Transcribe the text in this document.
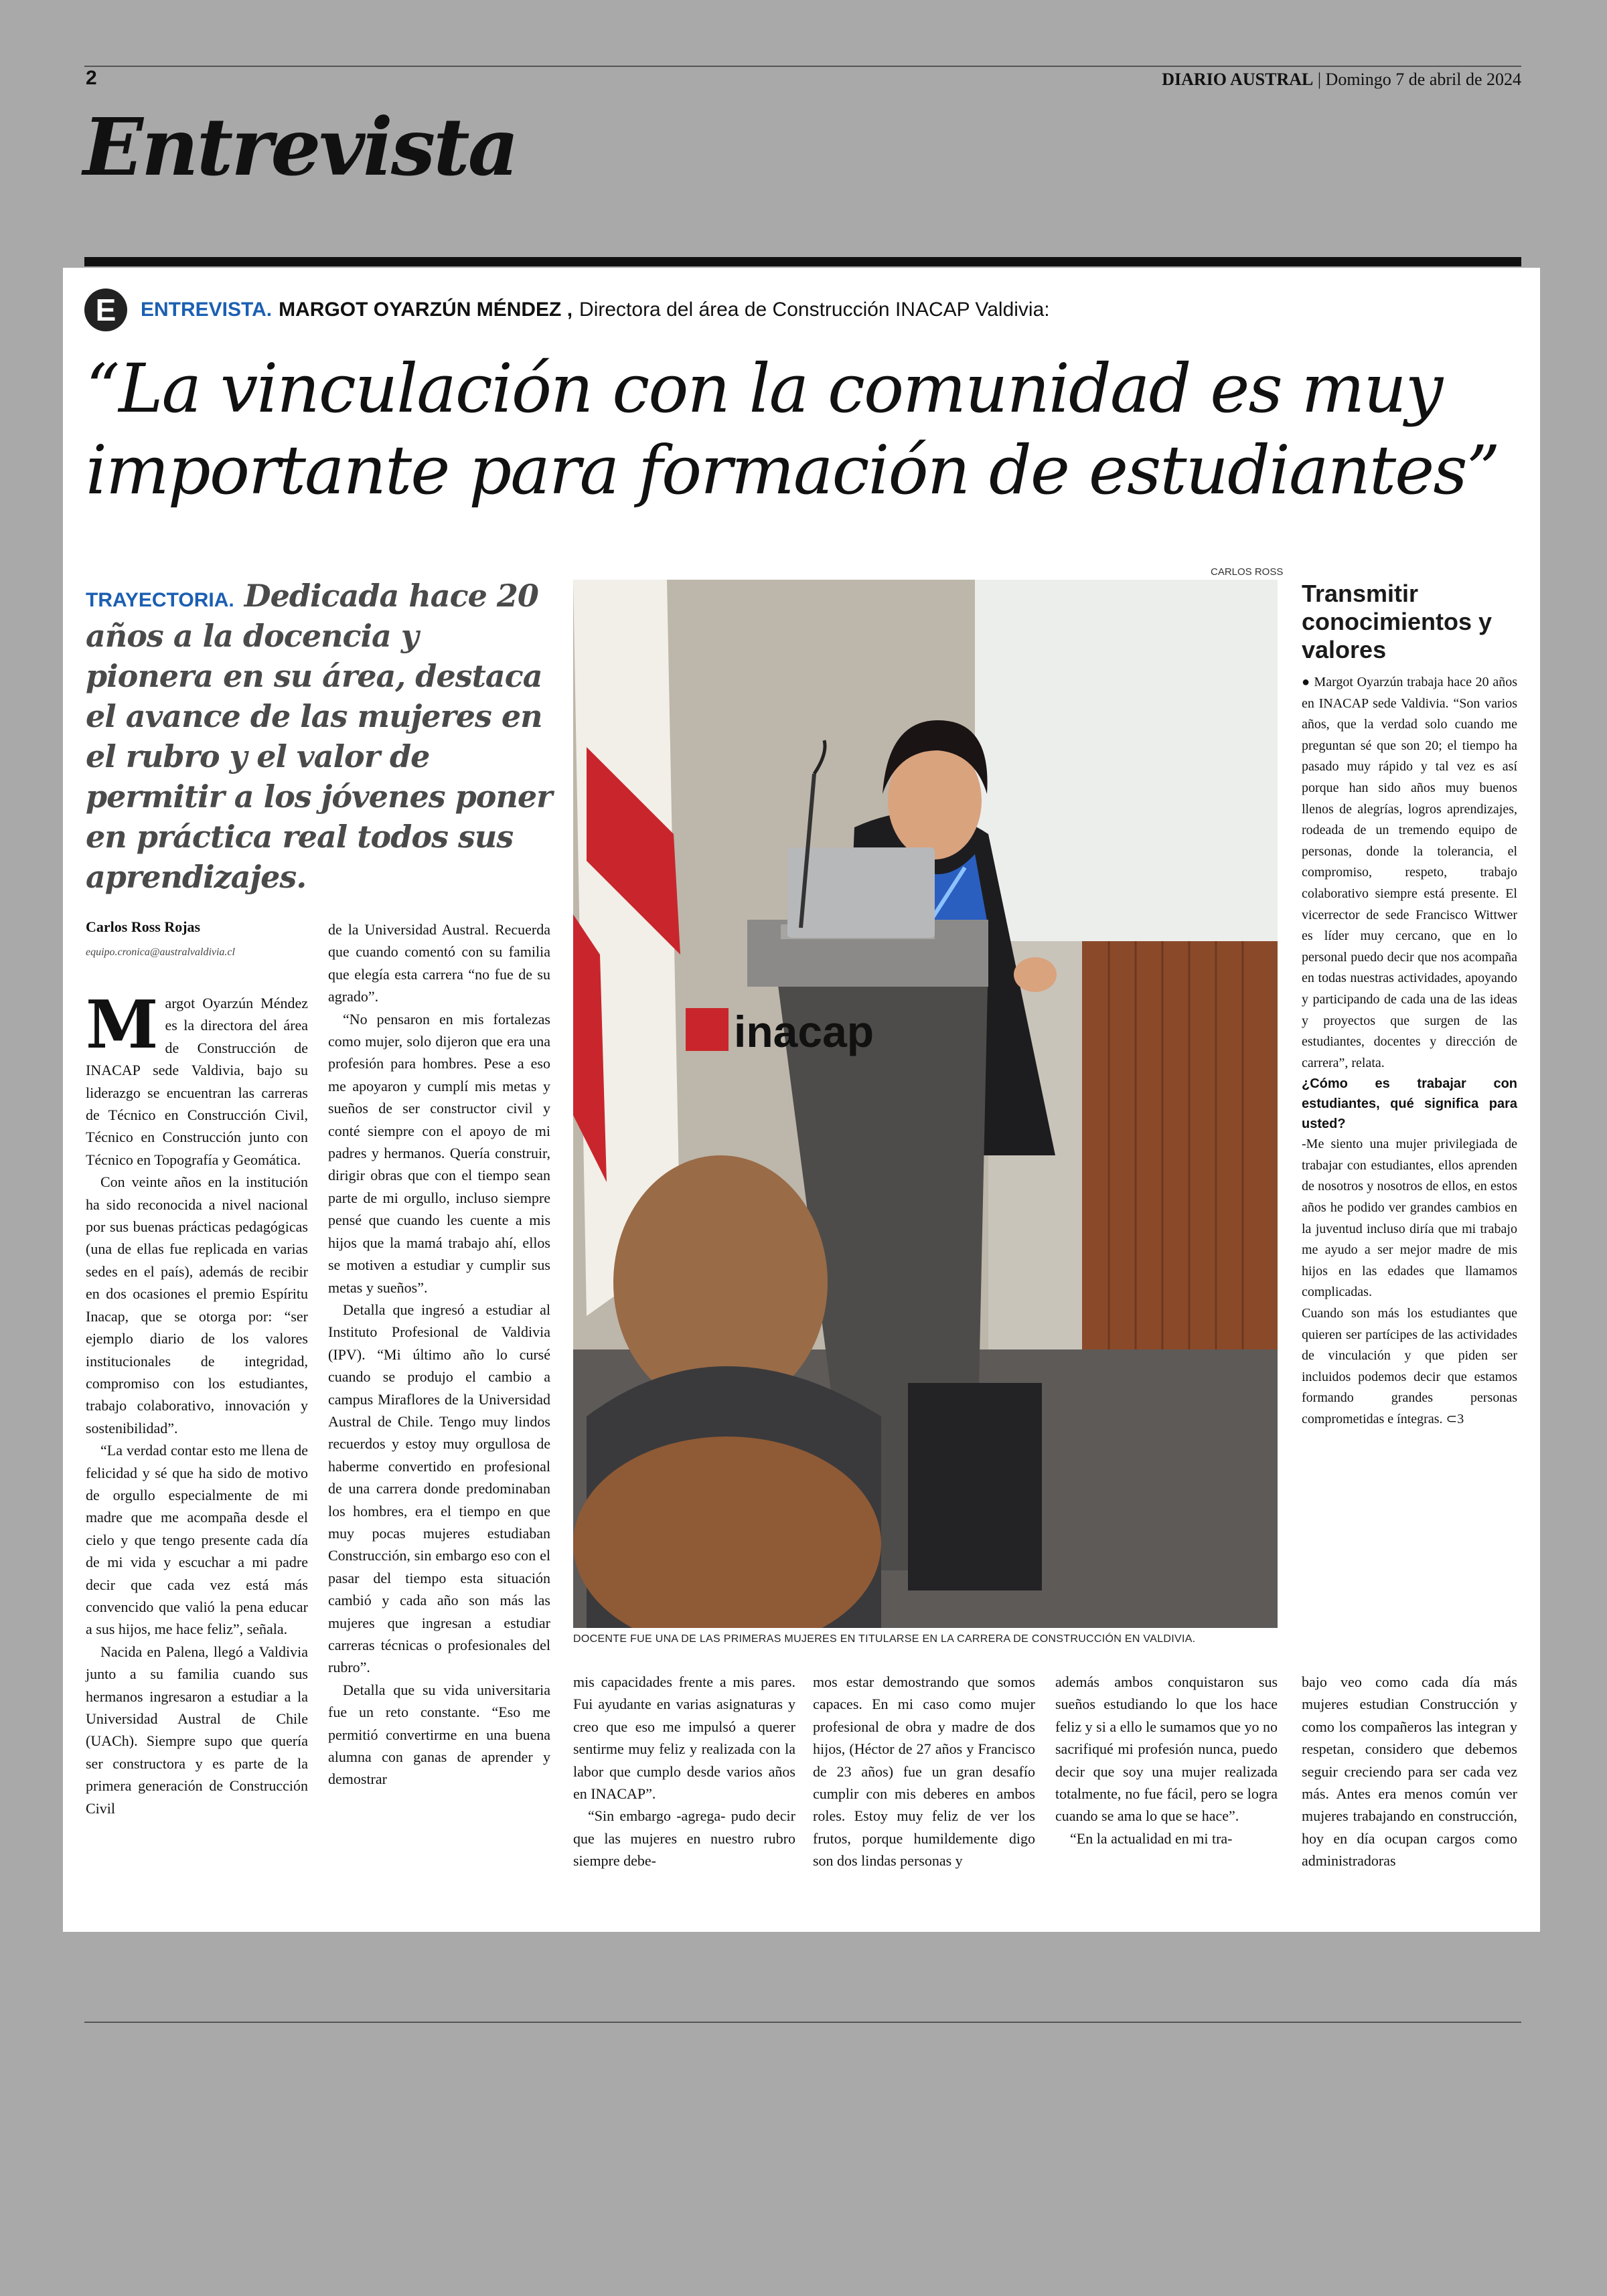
2	DIARIO AUSTRAL | Domingo 7 de abril de 2024
Entrevista
E	ENTREVISTA. MARGOT OYARZÚN MÉNDEZ , Directora del área de Construcción INACAP Valdivia:
“La vinculación con la comunidad es muy
importante para formación de estudiantes”
TRAYECTORIA. Dedicada hace 20 años a la docencia y pionera en su área, destaca el avance de las mujeres en el rubro y el valor de permitir a los jóvenes poner en práctica real todos sus aprendizajes.
Carlos Ross Rojas
equipo.cronica@australvaldivia.cl

Margot Oyarzún Méndez es la directora del área de Construcción de INACAP sede Valdivia, bajo su liderazgo se encuentran las carreras de Técnico en Construcción Civil, Técnico en Construcción junto con Técnico en Topografía y Geomática.

Con veinte años en la institución ha sido reconocida a nivel nacional por sus buenas prácticas pedagógicas (una de ellas fue replicada en varias sedes en el país), además de recibir en dos ocasiones el premio Espíritu Inacap, que se otorga por: “ser ejemplo diario de los valores institucionales de integridad, compromiso con los estudiantes, trabajo colaborativo, innovación y sostenibilidad”.

“La verdad contar esto me llena de felicidad y sé que ha sido de motivo de orgullo especialmente de mi madre que me acompaña desde el cielo y que tengo presente cada día de mi vida y escuchar a mi padre decir que cada vez está más convencido que valió la pena educar a sus hijos, me hace feliz”, señala.

Nacida en Palena, llegó a Valdivia junto a su familia cuando sus hermanos ingresaron a estudiar a la Universidad Austral de Chile (UACh). Siempre supo que quería ser constructora y es parte de la primera generación de Construcción Civil

de la Universidad Austral. Recuerda que cuando comentó con su familia que elegía esta carrera “no fue de su agrado”.

“No pensaron en mis fortalezas como mujer, solo dijeron que era una profesión para hombres. Pese a eso me apoyaron y cumplí mis metas y sueños de ser constructor civil y conté siempre con el apoyo de mi padres y hermanos. Quería construir, dirigir obras que con el tiempo sean parte de mi orgullo, incluso siempre pensé que cuando les cuente a mis hijos que la mamá trabajo ahí, ellos se motiven a estudiar y cumplir sus metas y sueños”.

Detalla que ingresó a estudiar al Instituto Profesional de Valdivia (IPV). “Mi último año lo cursé cuando se produjo el cambio a campus Miraflores de la Universidad Austral de Chile. Tengo muy lindos recuerdos y estoy muy orgullosa de haberme convertido en profesional de una carrera donde predominaban los hombres, era el tiempo en que muy pocas mujeres estudiaban Construcción, sin embargo eso con el pasar del tiempo esta situación cambió y cada año son más las mujeres que ingresan a estudiar carreras técnicas o profesionales del rubro”.

Detalla que su vida universitaria fue un reto constante. “Eso me permitió convertirme en una buena alumna con ganas de aprender y demostrar

CARLOS ROSS
inacap
DOCENTE FUE UNA DE LAS PRIMERAS MUJERES EN TITULARSE EN LA CARRERA DE CONSTRUCCIÓN EN VALDIVIA.

mis capacidades frente a mis pares. Fui ayudante en varias asignaturas y creo que eso me impulsó a querer sentirme muy feliz y realizada con la labor que cumplo desde varios años en INACAP”.

“Sin embargo -agrega- pudo decir que las mujeres en nuestro rubro siempre debe-

mos estar demostrando que somos capaces. En mi caso como mujer profesional de obra y madre de dos hijos, (Héctor de 27 años y Francisco de 23 años) fue un gran desafío cumplir con mis deberes en ambos roles. Estoy muy feliz de ver los frutos, porque humildemente digo son dos lindas personas y

además ambos conquistaron sus sueños estudiando lo que los hace feliz y si a ello le sumamos que yo no sacrifiqué mi profesión nunca, puedo decir que soy una mujer realizada totalmente, no fue fácil, pero se logra cuando se ama lo que se hace”.

“En la actualidad en mi tra-

bajo veo como cada día más mujeres estudian Construcción y como los compañeros las integran y respetan, considero que debemos seguir creciendo para ser cada vez más. Antes era menos común ver mujeres trabajando en construcción, hoy en día ocupan cargos como administradoras

Transmitir conocimientos y valores

● Margot Oyarzún trabaja hace 20 años en INACAP sede Valdivia. “Son varios años, que la verdad solo cuando me preguntan sé que son 20; el tiempo ha pasado muy rápido y tal vez es así porque han sido años muy buenos llenos de alegrías, logros aprendizajes, rodeada de un tremendo equipo de personas, donde la tolerancia, el compromiso, respeto, trabajo colaborativo siempre está presente. El vicerrector de sede Francisco Wittwer es líder muy cercano, que en lo personal puedo decir que nos acompaña en todas nuestras actividades, apoyando y participando de cada una de las ideas y proyectos que surgen de las estudiantes, docentes y dirección de carrera”, relata.

¿Cómo es trabajar con estudiantes, qué significa para usted?

-Me siento una mujer privilegiada de trabajar con estudiantes, ellos aprenden de nosotros y nosotros de ellos, en estos años he podido ver grandes cambios en la juventud incluso diría que mi trabajo me ayudo a ser mejor madre de mis hijos en las edades que llamamos complicadas.

Cuando son más los estudiantes que quieren ser partícipes de las actividades de vinculación y que piden ser incluidos podemos decir que estamos formando grandes personas comprometidas e íntegras. ⊂3
